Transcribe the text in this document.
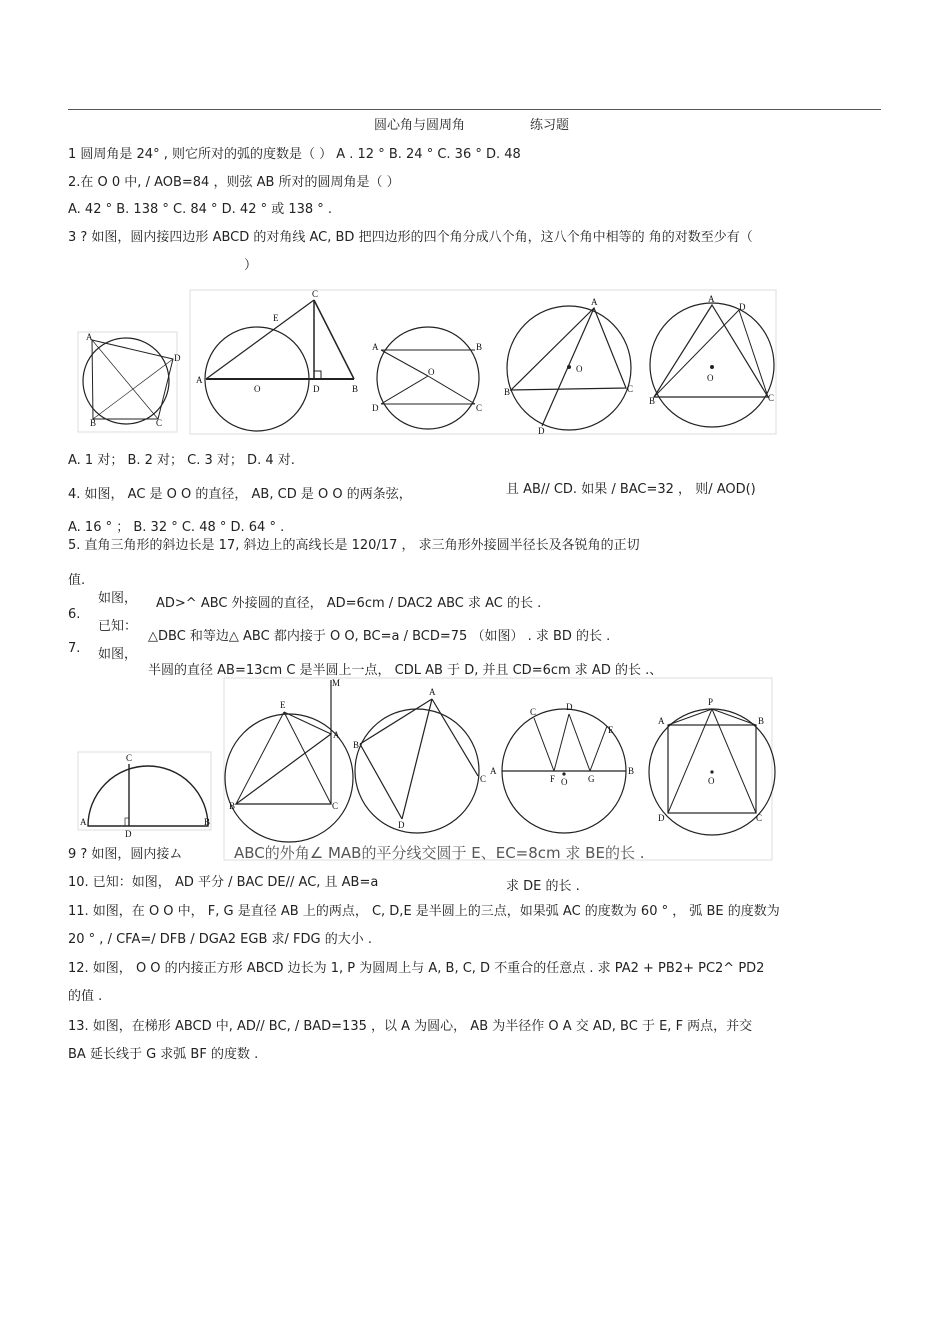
圆心角与圆周角	练习题
1 圆周角是 24° , 则它所对的弧的度数是（ ） A . 12 ° B. 24 ° C. 36 ° D. 48
2.在 O 0 中, / AOB=84 ，则弦 AB 所对的圆周角是（ ）
A. 42 ° B. 138 ° C. 84 ° D. 42 ° 或 138 ° .
3 ? 如图，圆内接四边形 ABCD 的对角线 AC, BD 把四边形的四个角分成八个角，这八个角中相等的 角的对数至少有（
）
A
D
B	C
C
E
A
O	D	B
A	B
O
D	C
A
B	C
O
D
A
D
B	C
O
A. 1 对； B. 2 对； C. 3 对； D. 4 对.
4. 如图， AC 是 O O 的直径， AB, CD 是 O O 的两条弦，	且 AB// CD. 如果 / BAC=32 ， 则/ AOD()
A. 16 ° ； B. 32 ° C. 48 ° D. 64 ° .
5. 直角三角形的斜边长是 17, 斜边上的高线长是 120/17 ， 求三角形外接圆半径长及各锐角的正切
值.
如图，
6.
AD>^ ABC 外接圆的直径， AD=6cm / DAC2 ABC 求 AC 的长 .
已知：
△DBC 和等边△ ABC 都内接于 O O, BC=a / BCD=75 （如图） . 求 BD 的长 .
7. 如图，
半圆的直径 AB=13cm C 是半圆上一点， CDL AB 于 D, 并且 CD=6cm 求 AD 的长 .、
C
A
D
B
M
E
A
B	C
A
B
C
D
C	D
E
A
F O G
B
P
A	B
D	C
O
9 ? 如图，圆内接ム	ABC的外角∠ MAB的平分线交圆于 E、EC=8cm 求 BE的长 .
10. 已知：如图， AD 平分 / BAC DE// AC, 且 AB=a	求 DE 的长 .
11. 如图，在 O O 中， F, G 是直径 AB 上的两点， C, D,E 是半圆上的三点，如果弧 AC 的度数为 60 ° ， 弧 BE 的度数为
20 ° , / CFA=/ DFB / DGA2 EGB 求/ FDG 的大小 .
12. 如图， O O 的内接正方形 ABCD 边长为 1, P 为圆周上与 A, B, C, D 不重合的任意点 . 求 PA2 + PB2+ PC2^ PD2
的值 .
13. 如图，在梯形 ABCD 中, AD// BC, / BAD=135 ，以 A 为圆心， AB 为半径作 O A 交 AD, BC 于 E, F 两点，并交
BA 延长线于 G 求弧 BF 的度数 .
